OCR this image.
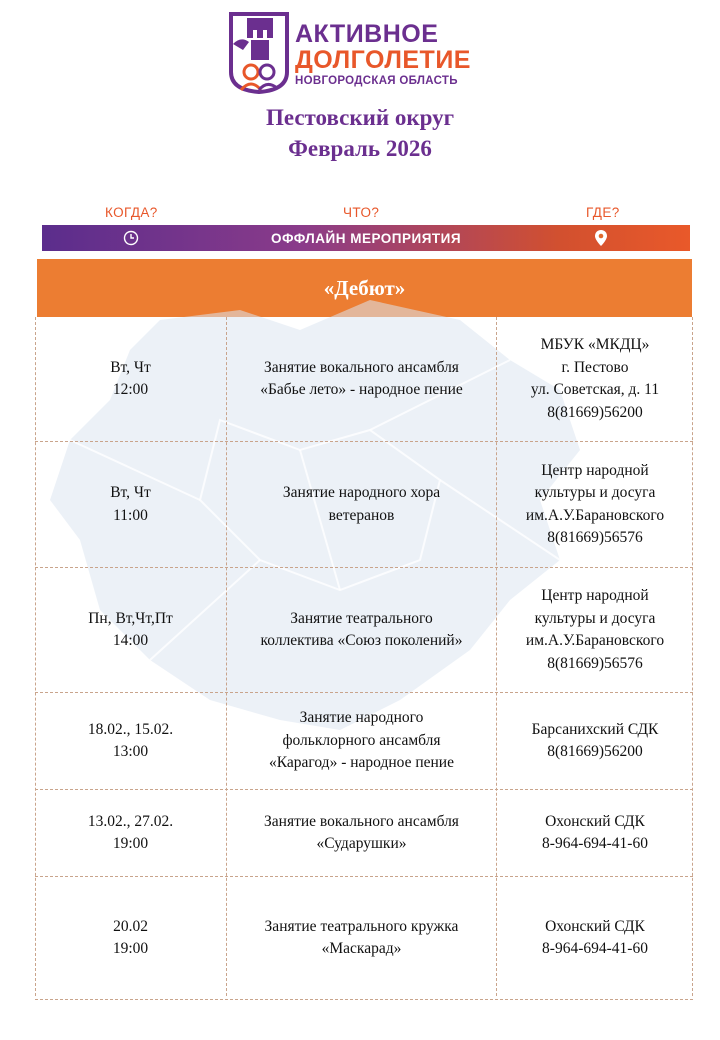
АКТИВНОЕ
ДОЛГОЛЕТИЕ
НОВГОРОДСКАЯ ОБЛАСТЬ
Пестовский округ
Февраль 2026
КОГДА?	ЧТО?	ГДЕ?
ОФФЛАЙН МЕРОПРИЯТИЯ
«Дебют»
Вт, Чт
12:00
Занятие вокального ансамбля
«Бабье лето» - народное пение
МБУК «МКДЦ»
г. Пестово
ул. Советская, д. 11
8(81669)56200
Вт, Чт
11:00
Занятие народного хора
ветеранов
Центр народной
культуры и досуга
им.А.У.Барановского
8(81669)56576
Пн, Вт,Чт,Пт
14:00
Занятие театрального
коллектива «Союз поколений»
Центр народной
культуры и досуга
им.А.У.Барановского
8(81669)56576
18.02., 15.02.
13:00
Занятие народного
фольклорного ансамбля
«Карагод» - народное пение
Барсанихский СДК
8(81669)56200
13.02., 27.02.
19:00
Занятие вокального ансамбля
«Сударушки»
Охонский СДК
8-964-694-41-60
20.02
19:00
Занятие театрального кружка
«Маскарад»
Охонский СДК
8-964-694-41-60
